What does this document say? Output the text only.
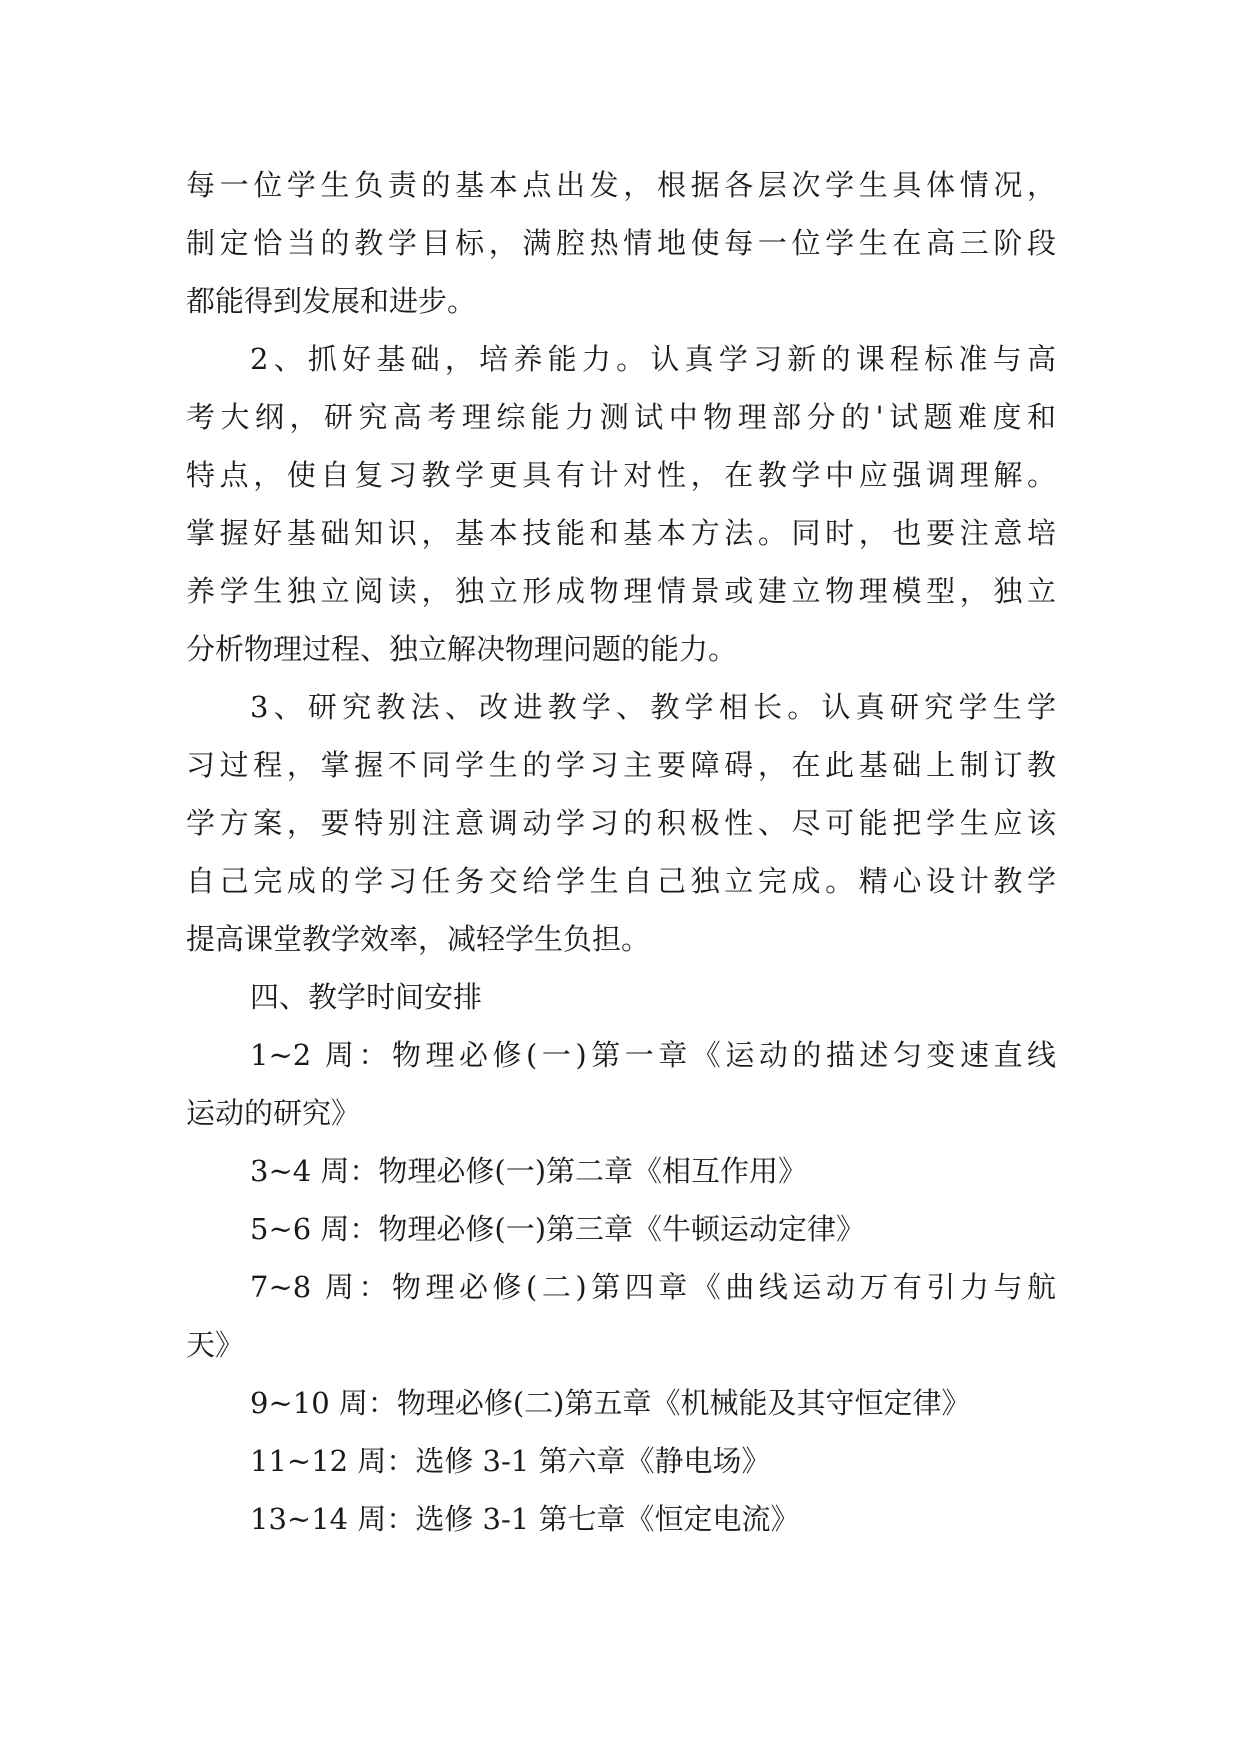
每一位学生负责的基本点出发，根据各层次学生具体情况，
制定恰当的教学目标，满腔热情地使每一位学生在高三阶段
都能得到发展和进步。
2、抓好基础，培养能力。认真学习新的课程标准与高
考大纲，研究高考理综能力测试中物理部分的'试题难度和
特点，使自复习教学更具有计对性，在教学中应强调理解。
掌握好基础知识，基本技能和基本方法。同时，也要注意培
养学生独立阅读，独立形成物理情景或建立物理模型，独立
分析物理过程、独立解决物理问题的能力。
3、研究教法、改进教学、教学相长。认真研究学生学
习过程，掌握不同学生的学习主要障碍，在此基础上制订教
学方案，要特别注意调动学习的积极性、尽可能把学生应该
自己完成的学习任务交给学生自己独立完成。精心设计教学
提高课堂教学效率，减轻学生负担。
四、教学时间安排
1~2 周：物理必修(一)第一章《运动的描述匀变速直线
运动的研究》
3~4 周：物理必修(一)第二章《相互作用》
5~6 周：物理必修(一)第三章《牛顿运动定律》
7~8 周：物理必修(二)第四章《曲线运动万有引力与航
天》
9~10 周：物理必修(二)第五章《机械能及其守恒定律》
11~12 周：选修 3-1 第六章《静电场》
13~14 周：选修 3-1 第七章《恒定电流》
